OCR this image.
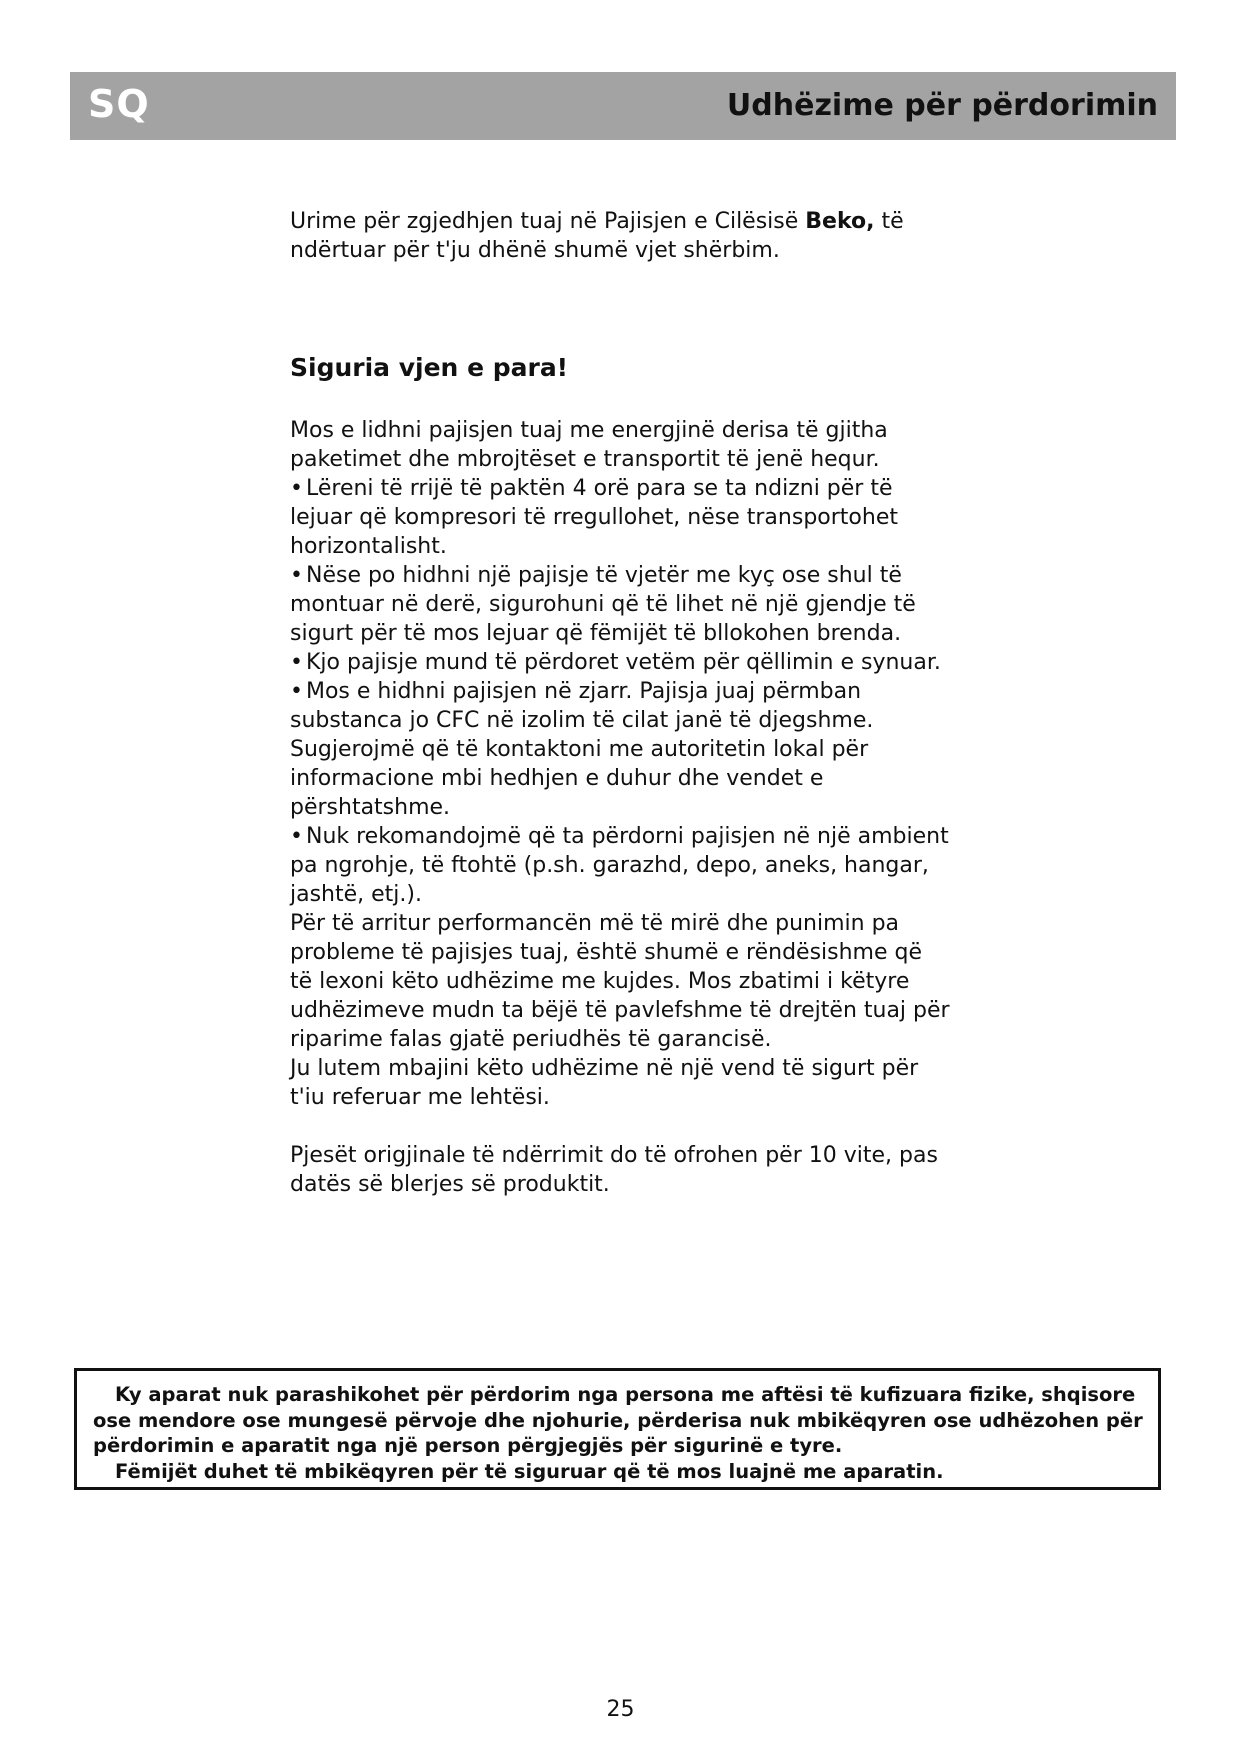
SQ	Udhëzime për përdorimin

Urime për zgjedhjen tuaj në Pajisjen e Cilësisë Beko, të ndërtuar për t'ju dhënë shumë vjet shërbim.

Siguria vjen e para!

Mos e lidhni pajisjen tuaj me energjinë derisa të gjitha paketimet dhe mbrojtëset e transportit të jenë hequr.

• Lëreni të rrijë të paktën 4 orë para se ta ndizni për të lejuar që kompresori të rregullohet, nëse transportohet horizontalisht.

• Nëse po hidhni një pajisje të vjetër me kyç ose shul të montuar në derë, sigurohuni që të lihet në një gjendje të sigurt për të mos lejuar që fëmijët të bllokohen brenda.

• Kjo pajisje mund të përdoret vetëm për qëllimin e synuar.

• Mos e hidhni pajisjen në zjarr. Pajisja juaj përmban substanca jo CFC në izolim të cilat janë të djegshme. Sugjerojmë që të kontaktoni me autoritetin lokal për informacione mbi hedhjen e duhur dhe vendet e përshtatshme.

• Nuk rekomandojmë që ta përdorni pajisjen në një ambient pa ngrohje, të ftohtë (p.sh. garazhd, depo, aneks, hangar, jashtë, etj.).

Për të arritur performancën më të mirë dhe punimin pa probleme të pajisjes tuaj, është shumë e rëndësishme që të lexoni këto udhëzime me kujdes. Mos zbatimi i këtyre udhëzimeve mudn ta bëjë të pavlefshme të drejtën tuaj për riparime falas gjatë periudhës të garancisë.

Ju lutem mbajini këto udhëzime në një vend të sigurt për t'iu referuar me lehtësi.

Pjesët origjinale të ndërrimit do të ofrohen për 10 vite, pas datës së blerjes së produktit.

Ky aparat nuk parashikohet për përdorim nga persona me aftësi të kufizuara fizike, shqisore ose mendore ose mungesë përvoje dhe njohurie, përderisa nuk mbikëqyren ose udhëzohen për përdorimin e aparatit nga një person përgjegjës për sigurinë e tyre.

Fëmijët duhet të mbikëqyren për të siguruar që të mos luajnë me aparatin.

25
